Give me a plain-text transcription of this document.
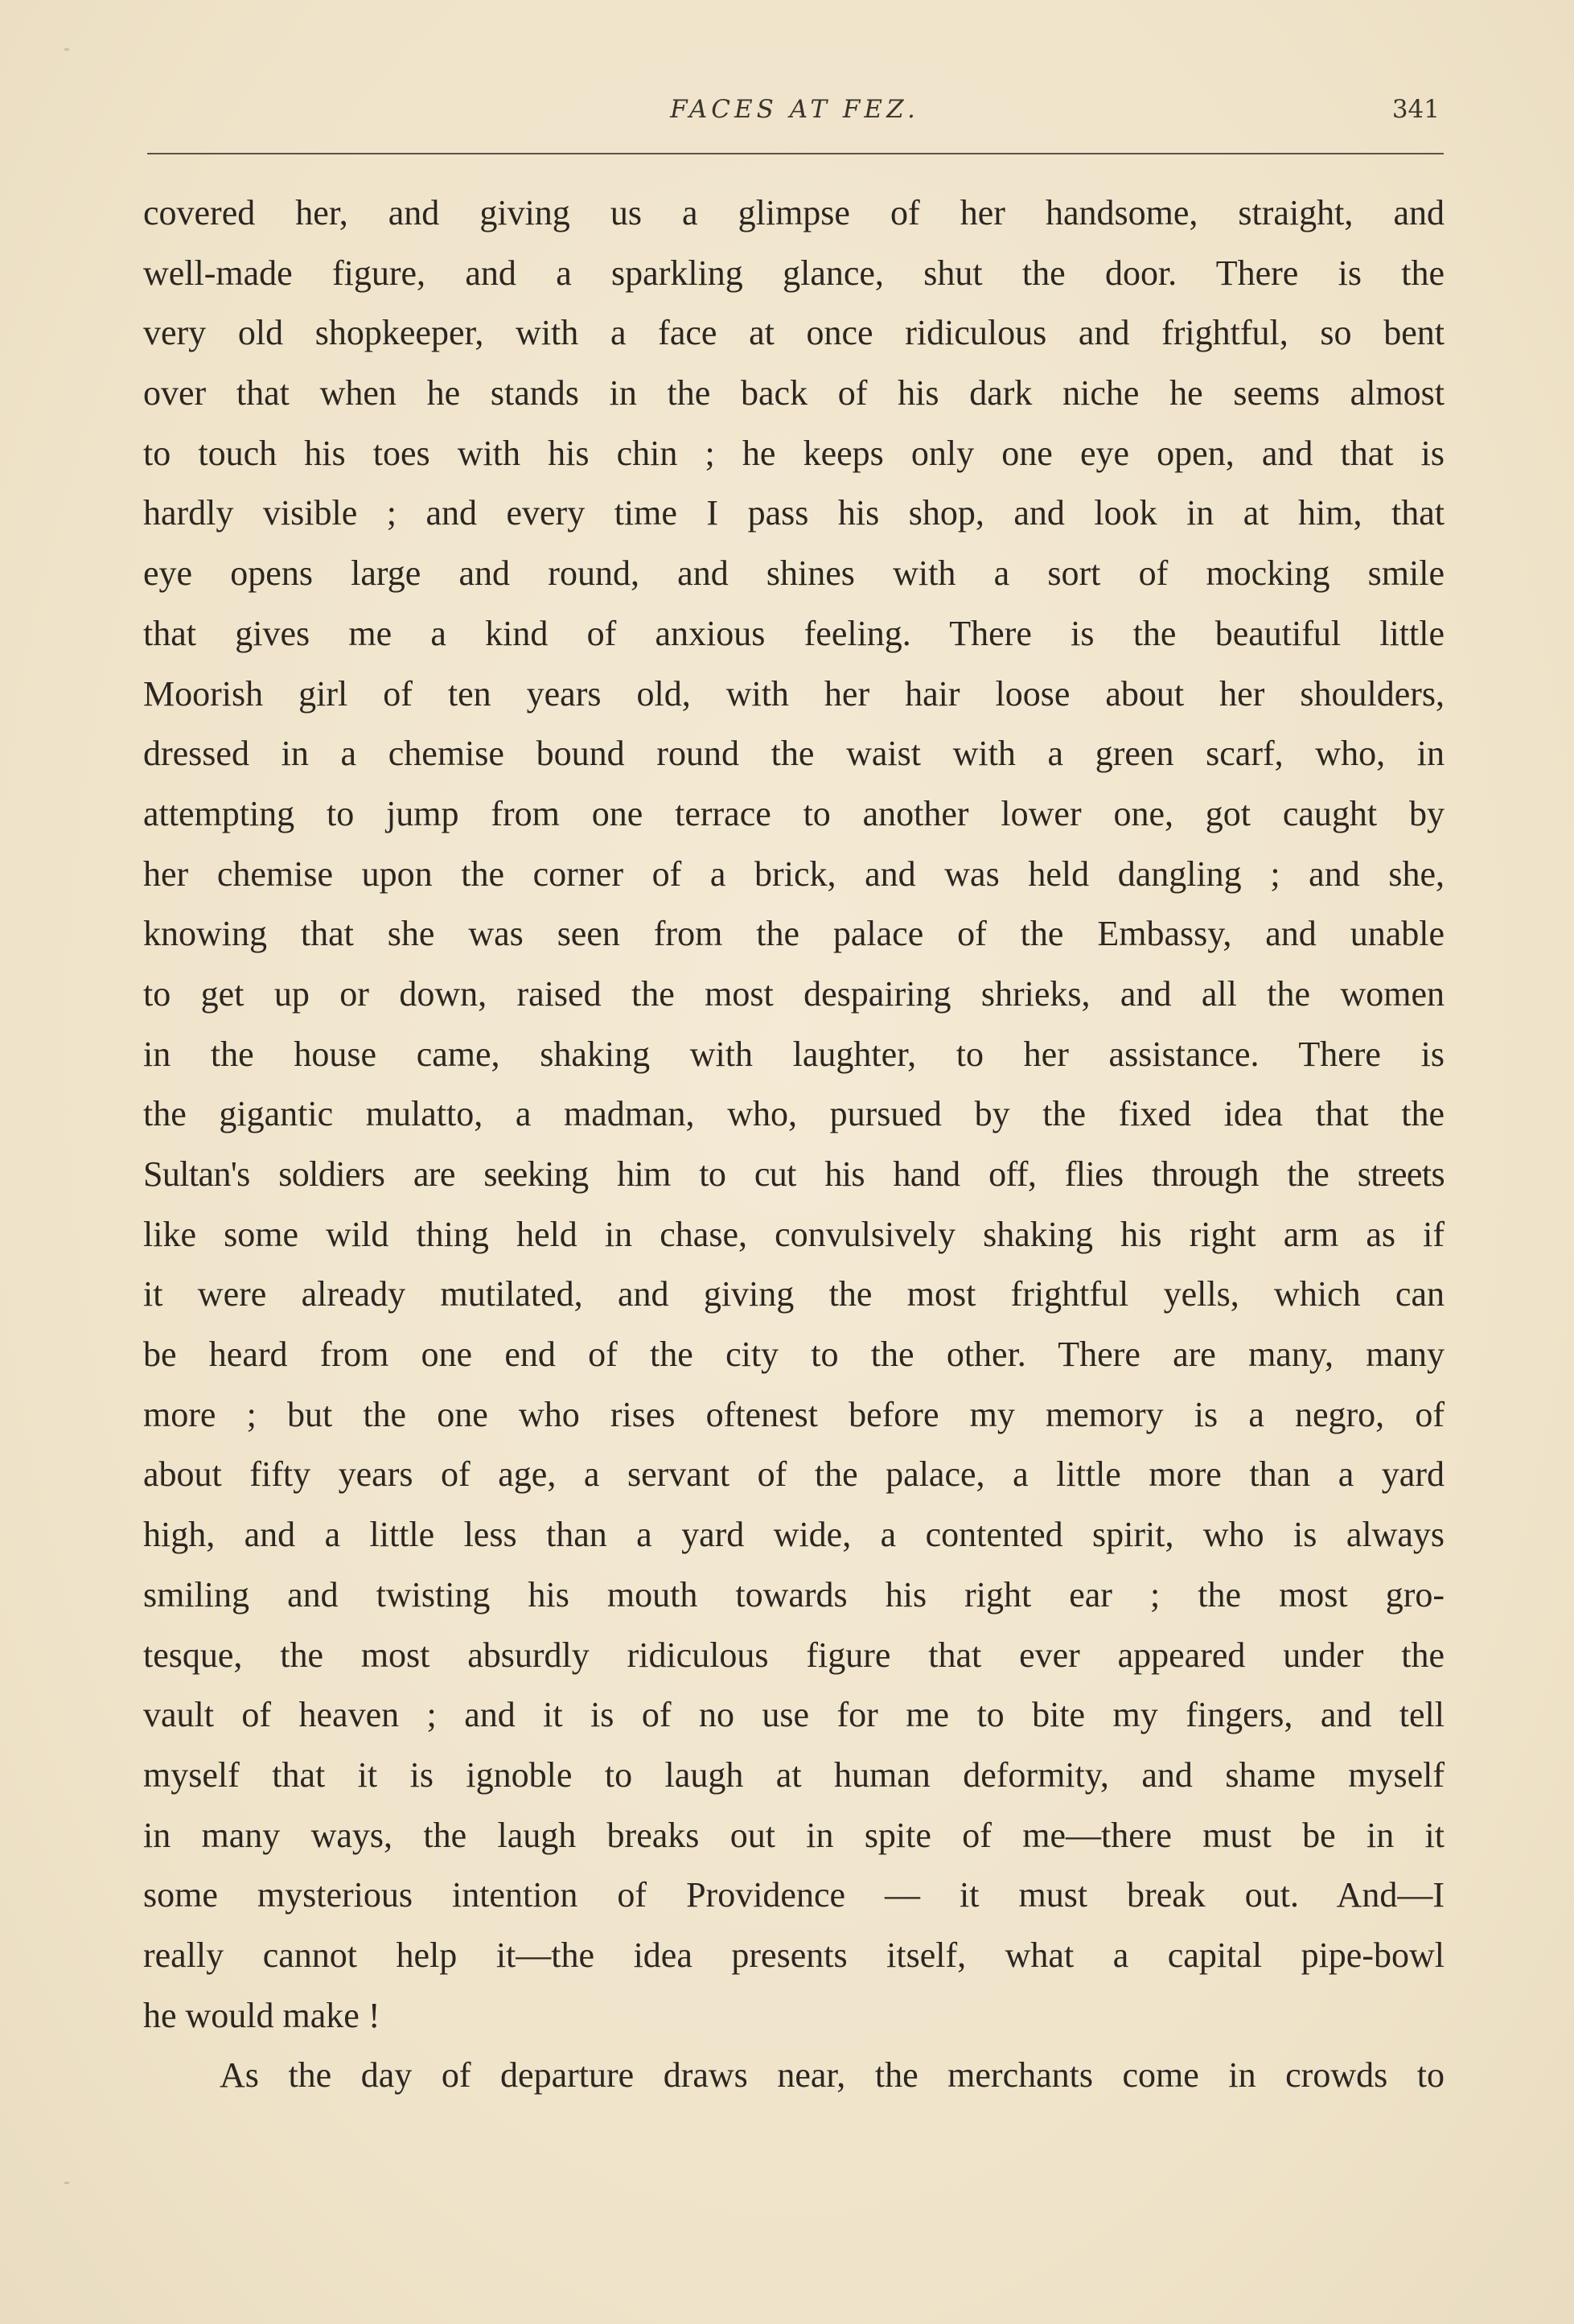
FACES AT FEZ.	341
covered her, and giving us a glimpse of her handsome, straight, and
well-made figure, and a sparkling glance, shut the door. There is the
very old shopkeeper, with a face at once ridiculous and frightful, so bent
over that when he stands in the back of his dark niche he seems almost
to touch his toes with his chin ; he keeps only one eye open, and that is
hardly visible ; and every time I pass his shop, and look in at him, that
eye opens large and round, and shines with a sort of mocking smile
that gives me a kind of anxious feeling. There is the beautiful little
Moorish girl of ten years old, with her hair loose about her shoulders,
dressed in a chemise bound round the waist with a green scarf, who, in
attempting to jump from one terrace to another lower one, got caught by
her chemise upon the corner of a brick, and was held dangling ; and she,
knowing that she was seen from the palace of the Embassy, and unable
to get up or down, raised the most despairing shrieks, and all the women
in the house came, shaking with laughter, to her assistance. There is
the gigantic mulatto, a madman, who, pursued by the fixed idea that the
Sultan's soldiers are seeking him to cut his hand off, flies through the streets
like some wild thing held in chase, convulsively shaking his right arm as if
it were already mutilated, and giving the most frightful yells, which can
be heard from one end of the city to the other. There are many, many
more ; but the one who rises oftenest before my memory is a negro, of
about fifty years of age, a servant of the palace, a little more than a yard
high, and a little less than a yard wide, a contented spirit, who is always
smiling and twisting his mouth towards his right ear ; the most gro-
tesque, the most absurdly ridiculous figure that ever appeared under the
vault of heaven ; and it is of no use for me to bite my fingers, and tell
myself that it is ignoble to laugh at human deformity, and shame myself
in many ways, the laugh breaks out in spite of me—there must be in it
some mysterious intention of Providence — it must break out. And—I
really cannot help it—the idea presents itself, what a capital pipe-bowl
he would make !
As the day of departure draws near, the merchants come in crowds to
